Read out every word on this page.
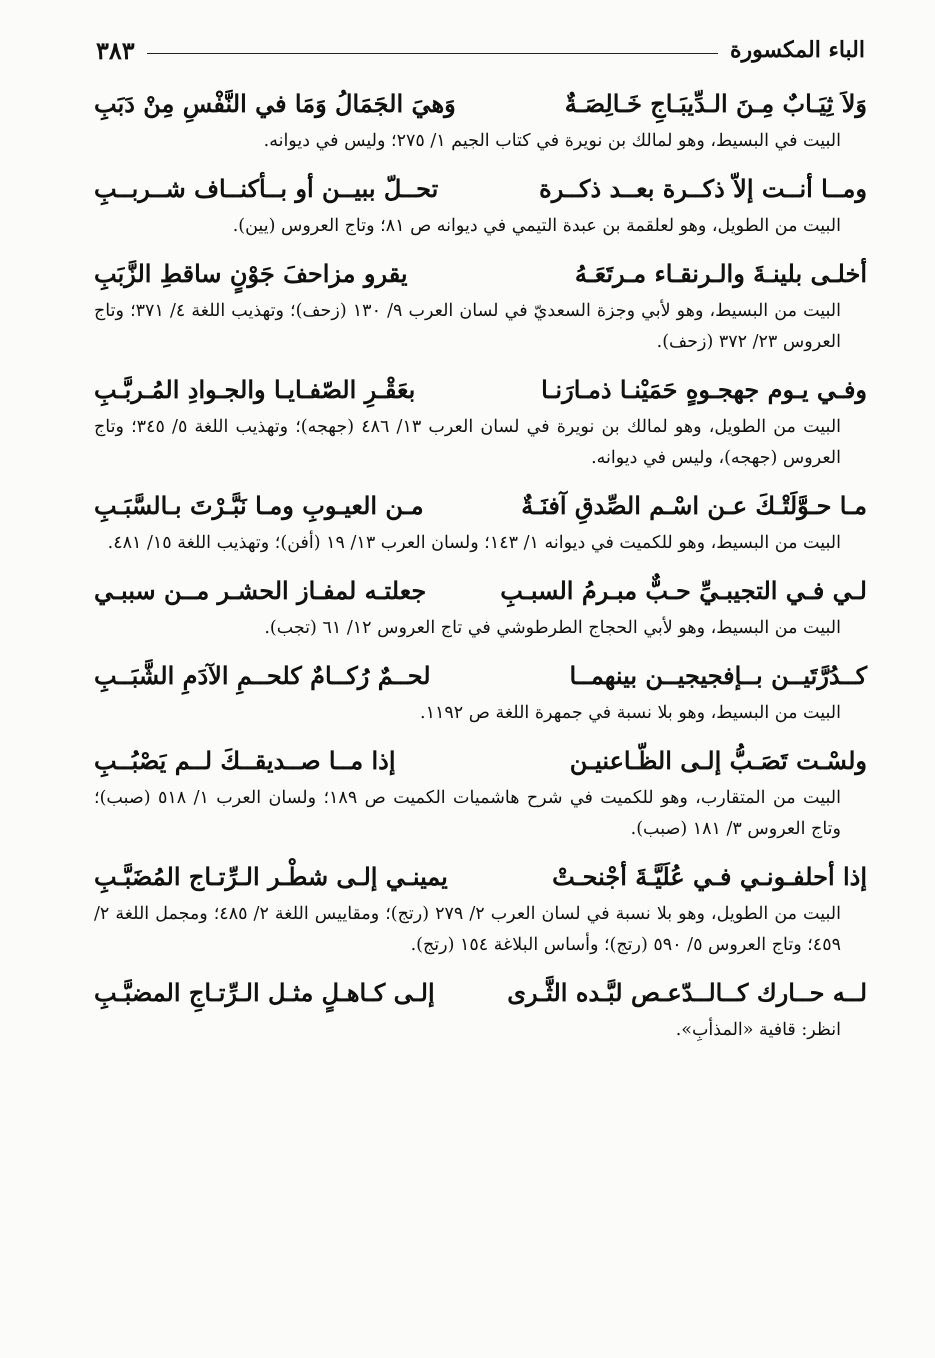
الباء المكسورة
٣٨٣
وَلاَ ثِيَـابٌ مِـنَ الـدِّيبَـاجِ خَـالِصَـةٌ
وَهيَ الجَمَالُ وَمَا في النَّفْسِ مِنْ دَبَبِ
البيت في البسيط، وهو لمالك بن نويرة في كتاب الجيم ١/ ٢٧٥؛ وليس في ديوانه.
ومــا أنــت إلاّ ذكــرة بعــد ذكــرة
تحــلّ ببيــن أو بــأكنــاف شــربــبِ
البيت من الطويل، وهو لعلقمة بن عبدة التيمي في ديوانه ص ٨١؛ وتاج العروس (يين).
أخلـى بلينـةَ والـرنقـاء مـرتَعَـهُ
يقرو مزاحفَ جَوْنٍ ساقطِ الزَّبَبِ
البيت من البسيط، وهو لأبي وجزة السعديّ في لسان العرب ٩/ ١٣٠ (زحف)؛ وتهذيب اللغة ٤/ ٣٧١؛ وتاج العروس ٢٣/ ٣٧٢ (زحف).
وفـي يـوم جهجـوهٍ حَمَيْنـا ذمـارَنـا
بعَقْـرِ الصّفـايـا والجـوادِ المُـربَّـبِ
البيت من الطويل، وهو لمالك بن نويرة في لسان العرب ١٣/ ٤٨٦ (جهجه)؛ وتهذيب اللغة ٥/ ٣٤٥؛ وتاج العروس (جهجه)، وليس في ديوانه.
مـا حـوَّلَتْـكَ عـن اسْـم الصِّدقِ آفنَـةٌ
مـن العيـوبِ ومـا نَبَّـرْتَ بـالسَّبَـبِ
البيت من البسيط، وهو للكميت في ديوانه ١/ ١٤٣؛ ولسان العرب ١٣/ ١٩ (أفن)؛ وتهذيب اللغة ١٥/ ٤٨١.
لـي فـي التجيبـيِّ حـبٌّ مبـرمُ السبـبِ
جعلتـه لمفـاز الحشـر مــن سببـي
البيت من البسيط، وهو لأبي الحجاج الطرطوشي في تاج العروس ١٢/ ٦١ (تجب).
كــدُرَّتَيــن بــإفجيجيــن بينهمــا
لحــمٌ رُكــامٌ كلحــمِ الآدَمِ الشَّبَــبِ
البيت من البسيط، وهو بلا نسبة في جمهرة اللغة ص ١١٩٢.
ولسْـت تَصَـبُّ إلـى الظّـاعنيـن
إذا مــا صــديقــكَ لــم يَصْبُــبِ
البيت من المتقارب، وهو للكميت في شرح هاشميات الكميت ص ١٨٩؛ ولسان العرب ١/ ٥١٨ (صبب)؛ وتاج العروس ٣/ ١٨١ (صبب).
إذا أحلفـونـي فـي عُلَيَّـةَ أجْنحـتْ
يمينـي إلـى شطْـر الـرِّتـاج المُضَبَّـبِ
البيت من الطويل، وهو بلا نسبة في لسان العرب ٢/ ٢٧٩ (رتج)؛ ومقاييس اللغة ٢/ ٤٨٥؛ ومجمل اللغة ٢/ ٤٥٩؛ وتاج العروس ٥/ ٥٩٠ (رتج)؛ وأساس البلاغة ١٥٤ (رتج).
لــه حــارك كــالــدّعـص لبَّـده الثَّـرى
إلـى كـاهـلٍ مثـل الـرِّتـاجِ المضبَّـبِ
انظر: قافية «المذأبِ».
